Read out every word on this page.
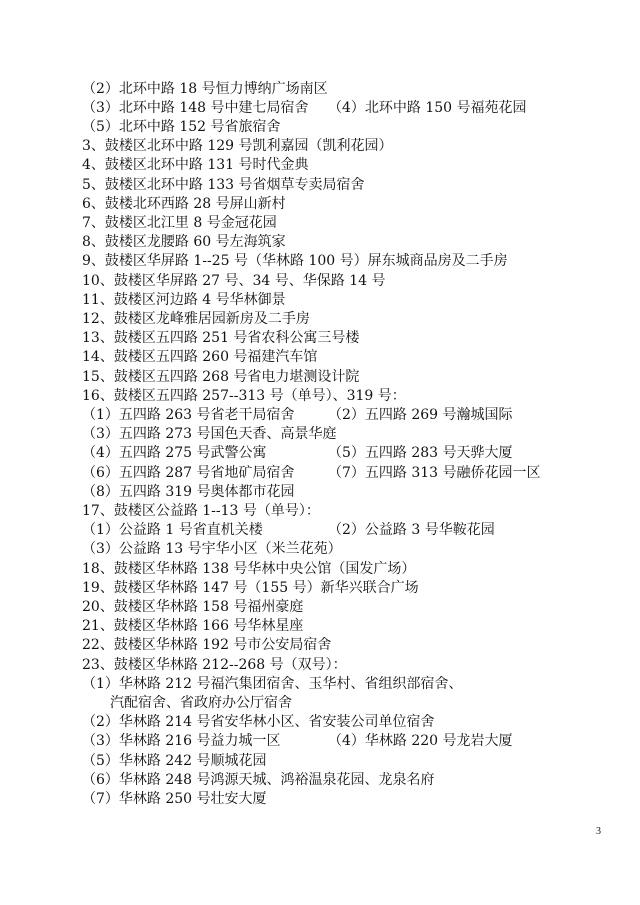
（2）北环中路 18 号恒力博纳广场南区
（3）北环中路 148 号中建七局宿舍 （4）北环中路 150 号福苑花园
（5）北环中路 152 号省旅宿舍
3、鼓楼区北环中路 129 号凯利嘉园（凯利花园）
4、鼓楼区北环中路 131 号时代金典
5、鼓楼区北环中路 133 号省烟草专卖局宿舍
6、鼓楼北环西路 28 号屏山新村
7、鼓楼区北江里 8 号金冠花园
8、鼓楼区龙腰路 60 号左海筑家
9、鼓楼区华屏路 1--25 号（华林路 100 号）屏东城商品房及二手房
10、鼓楼区华屏路 27 号、34 号、华保路 14 号
11、鼓楼区河边路 4 号华林御景
12、鼓楼区龙峰雅居园新房及二手房
13、鼓楼区五四路 251 号省农科公寓三号楼
14、鼓楼区五四路 260 号福建汽车馆
15、鼓楼区五四路 268 号省电力堪测设计院
16、鼓楼区五四路 257--313 号（单号）、319 号：
（1）五四路 263 号省老干局宿舍 （2）五四路 269 号瀚城国际
（3）五四路 273 号国色天香、高景华庭
（4）五四路 275 号武警公寓	（5）五四路 283 号天骅大厦
（6）五四路 287 号省地矿局宿舍 （7）五四路 313 号融侨花园一区
（8）五四路 319 号奥体都市花园
17、鼓楼区公益路 1--13 号（单号）：
（1）公益路 1 号省直机关楼	（2）公益路 3 号华鞍花园
（3）公益路 13 号宇华小区（米兰花苑）
18、鼓楼区华林路 138 号华林中央公馆（国发广场）
19、鼓楼区华林路 147 号（155 号）新华兴联合广场
20、鼓楼区华林路 158 号福州豪庭
21、鼓楼区华林路 166 号华林星座
22、鼓楼区华林路 192 号市公安局宿舍
23、鼓楼区华林路 212--268 号（双号）：
（1）华林路 212 号福汽集团宿舍、玉华村、省组织部宿舍、
汽配宿舍、省政府办公厅宿舍
（2）华林路 214 号省安华林小区、省安装公司单位宿舍
（3）华林路 216 号益力城一区	（4）华林路 220 号龙岩大厦
（5）华林路 242 号顺城花园
（6）华林路 248 号鸿源天城、鸿裕温泉花园、龙泉名府
（7）华林路 250 号壮安大厦
3
